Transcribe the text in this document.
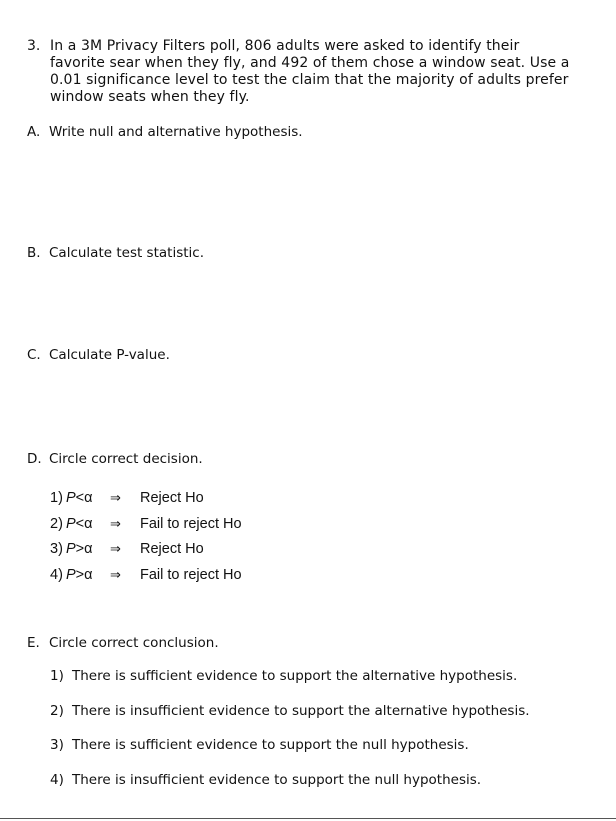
3. In a 3M Privacy Filters poll, 806 adults were asked to identify their
favorite sear when they fly, and 492 of them chose a window seat. Use a
0.01 significance level to test the claim that the majority of adults prefer
window seats when they fly.
A. Write null and alternative hypothesis.
B. Calculate test statistic.
C. Calculate P-value.
D. Circle correct decision.
1) P<α ⇒ Reject Ho
2) P<α ⇒ Fail to reject Ho
3) P>α ⇒ Reject Ho
4) P>α ⇒ Fail to reject Ho
E. Circle correct conclusion.
1) There is sufficient evidence to support the alternative hypothesis.
2) There is insufficient evidence to support the alternative hypothesis.
3) There is sufficient evidence to support the null hypothesis.
4) There is insufficient evidence to support the null hypothesis.
